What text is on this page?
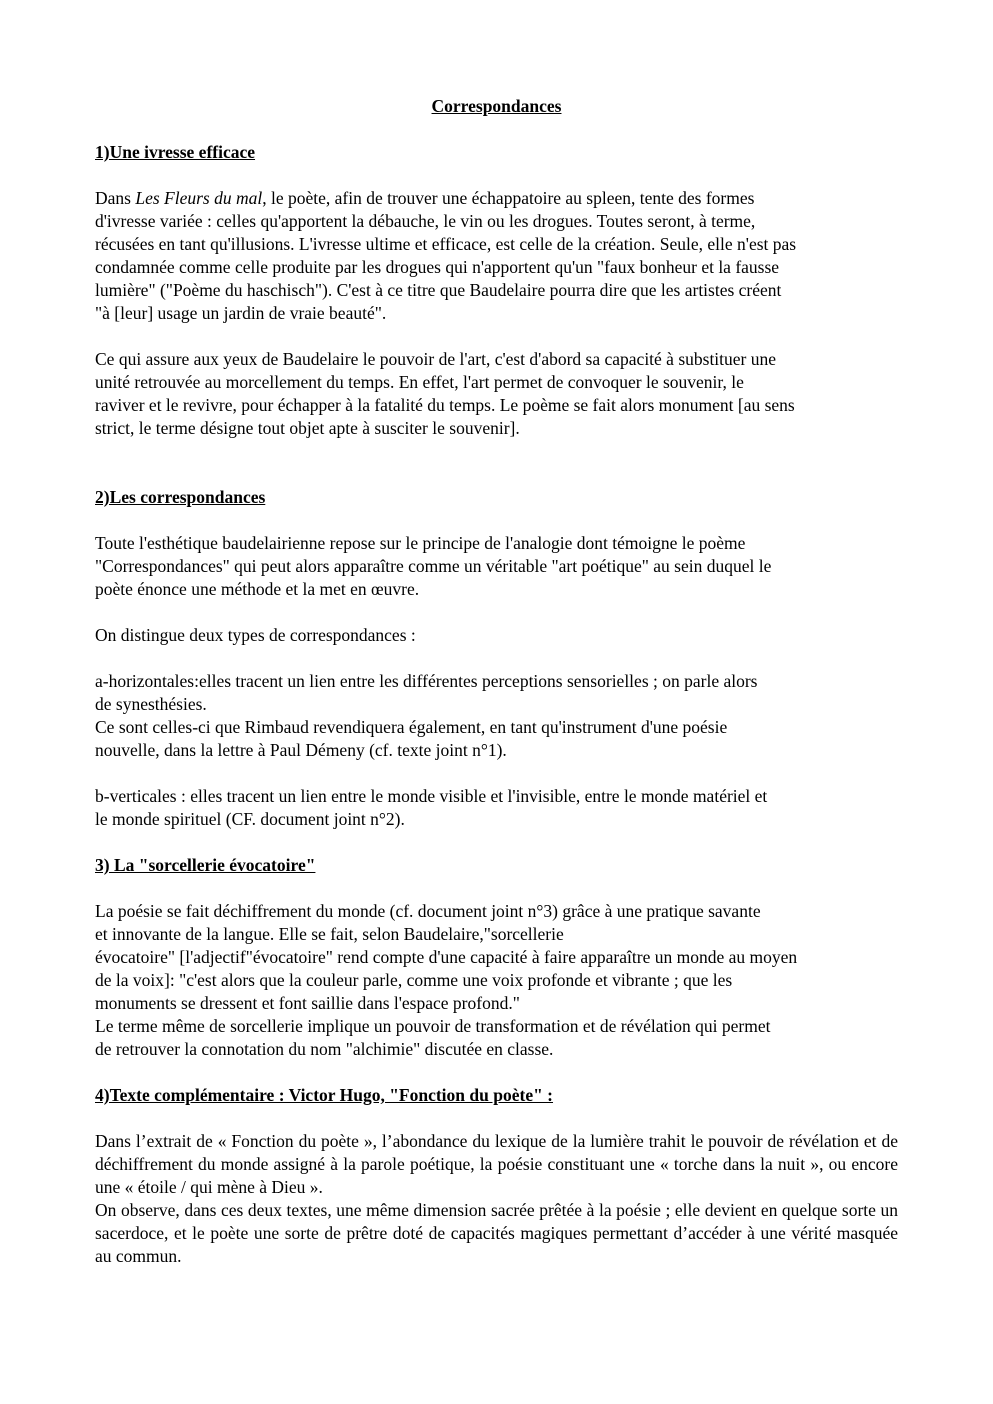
Correspondances

1)Une ivresse efficace

Dans Les Fleurs du mal, le poète, afin de trouver une échappatoire au spleen, tente des formes
d'ivresse variée : celles qu'apportent la débauche, le vin ou les drogues. Toutes seront, à terme,
récusées en tant qu'illusions. L'ivresse ultime et efficace, est celle de la création. Seule, elle n'est pas
condamnée comme celle produite par les drogues qui n'apportent qu'un "faux bonheur et la fausse
lumière" ("Poème du haschisch"). C'est à ce titre que Baudelaire pourra dire que les artistes créent
"à [leur] usage un jardin de vraie beauté".

Ce qui assure aux yeux de Baudelaire le pouvoir de l'art, c'est d'abord sa capacité à substituer une
unité retrouvée au morcellement du temps. En effet, l'art permet de convoquer le souvenir, le
raviver et le revivre, pour échapper à la fatalité du temps. Le poème se fait alors monument [au sens
strict, le terme désigne tout objet apte à susciter le souvenir].

2)Les correspondances

Toute l'esthétique baudelairienne repose sur le principe de l'analogie dont témoigne le poème
"Correspondances" qui peut alors apparaître comme un véritable "art poétique" au sein duquel le
poète énonce une méthode et la met en œuvre.

On distingue deux types de correspondances :

a-horizontales:elles tracent un lien entre les différentes perceptions sensorielles ; on parle alors
de synesthésies.
Ce sont celles-ci que Rimbaud revendiquera également, en tant qu'instrument d'une poésie
nouvelle, dans la lettre à Paul Démeny (cf. texte joint n°1).

b-verticales : elles tracent un lien entre le monde visible et l'invisible, entre le monde matériel et
le monde spirituel (CF. document joint n°2).

3) La "sorcellerie évocatoire"

La poésie se fait déchiffrement du monde (cf. document joint n°3) grâce à une pratique savante
et innovante de la langue. Elle se fait, selon Baudelaire,"sorcellerie
évocatoire" [l'adjectif"évocatoire" rend compte d'une capacité à faire apparaître un monde au moyen
de la voix]: "c'est alors que la couleur parle, comme une voix profonde et vibrante ; que les
monuments se dressent et font saillie dans l'espace profond."
Le terme même de sorcellerie implique un pouvoir de transformation et de révélation qui permet
de retrouver la connotation du nom "alchimie" discutée en classe.

4)Texte complémentaire : Victor Hugo, "Fonction du poète" :

Dans l’extrait de « Fonction du poète », l’abondance du lexique de la lumière trahit le pouvoir de révélation et de déchiffrement du monde assigné à la parole poétique, la poésie constituant une « torche dans la nuit », ou encore une « étoile / qui mène à Dieu ».

On observe, dans ces deux textes, une même dimension sacrée prêtée à la poésie ; elle devient en quelque sorte un sacerdoce, et le poète une sorte de prêtre doté de capacités magiques permettant d’accéder à une vérité masquée au commun.
